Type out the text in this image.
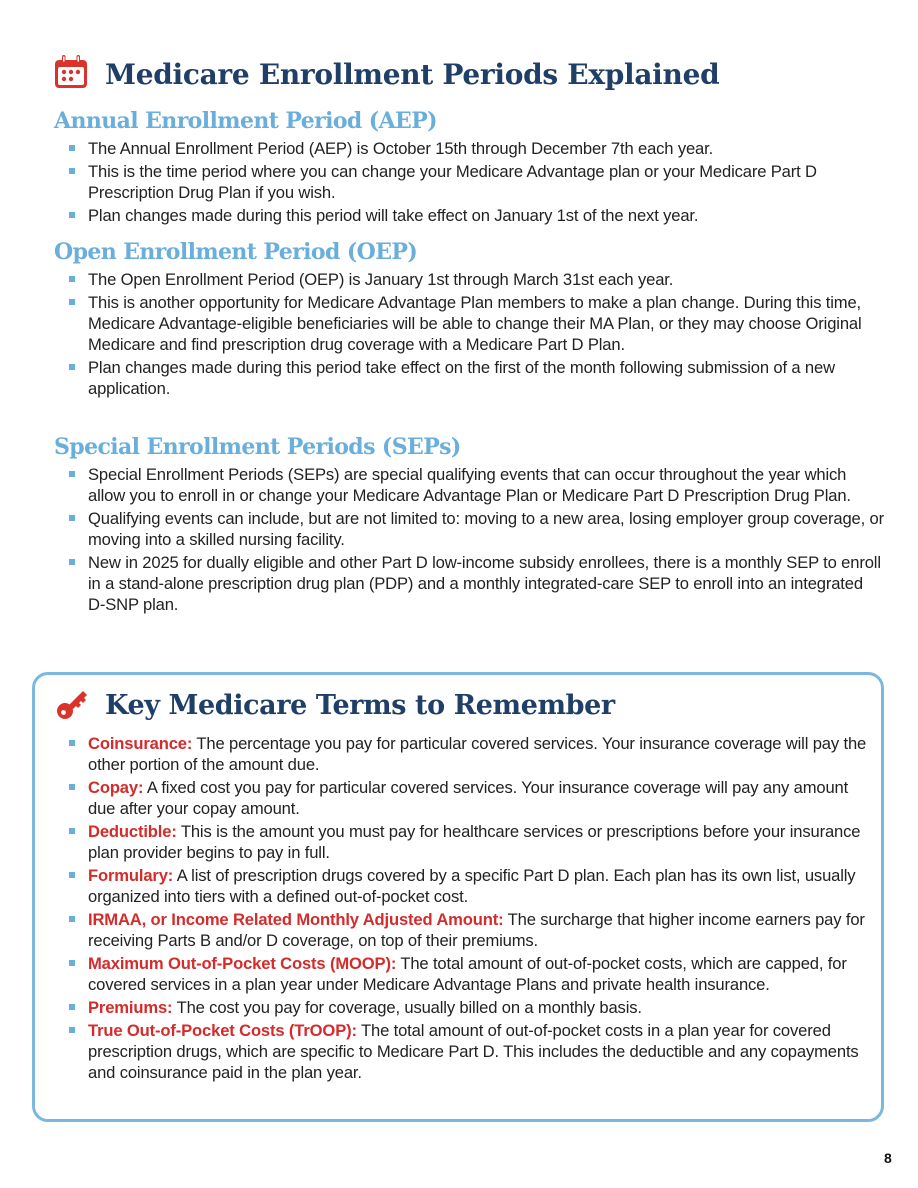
Medicare Enrollment Periods Explained
Annual Enrollment Period (AEP)
The Annual Enrollment Period (AEP) is October 15th through December 7th each year.
This is the time period where you can change your Medicare Advantage plan or your Medicare Part D Prescription Drug Plan if you wish.
Plan changes made during this period will take effect on January 1st of the next year.
Open Enrollment Period (OEP)
The Open Enrollment Period (OEP) is January 1st through March 31st each year.
This is another opportunity for Medicare Advantage Plan members to make a plan change. During this time, Medicare Advantage-eligible beneficiaries will be able to change their MA Plan, or they may choose Original Medicare and find prescription drug coverage with a Medicare Part D Plan.
Plan changes made during this period take effect on the first of the month following submission of a new application.
Special Enrollment Periods (SEPs)
Special Enrollment Periods (SEPs) are special qualifying events that can occur throughout the year which allow you to enroll in or change your Medicare Advantage Plan or Medicare Part D Prescription Drug Plan.
Qualifying events can include, but are not limited to: moving to a new area, losing employer group coverage, or moving into a skilled nursing facility.
New in 2025 for dually eligible and other Part D low-income subsidy enrollees, there is a monthly SEP to enroll in a stand-alone prescription drug plan (PDP) and a monthly integrated-care SEP to enroll into an integrated D-SNP plan.
Key Medicare Terms to Remember
Coinsurance: The percentage you pay for particular covered services. Your insurance coverage will pay the other portion of the amount due.
Copay: A fixed cost you pay for particular covered services. Your insurance coverage will pay any amount due after your copay amount.
Deductible: This is the amount you must pay for healthcare services or prescriptions before your insurance plan provider begins to pay in full.
Formulary: A list of prescription drugs covered by a specific Part D plan. Each plan has its own list, usually organized into tiers with a defined out-of-pocket cost.
IRMAA, or Income Related Monthly Adjusted Amount: The surcharge that higher income earners pay for receiving Parts B and/or D coverage, on top of their premiums.
Maximum Out-of-Pocket Costs (MOOP): The total amount of out-of-pocket costs, which are capped, for covered services in a plan year under Medicare Advantage Plans and private health insurance.
Premiums: The cost you pay for coverage, usually billed on a monthly basis.
True Out-of-Pocket Costs (TrOOP): The total amount of out-of-pocket costs in a plan year for covered prescription drugs, which are specific to Medicare Part D. This includes the deductible and any copayments and coinsurance paid in the plan year.
8
